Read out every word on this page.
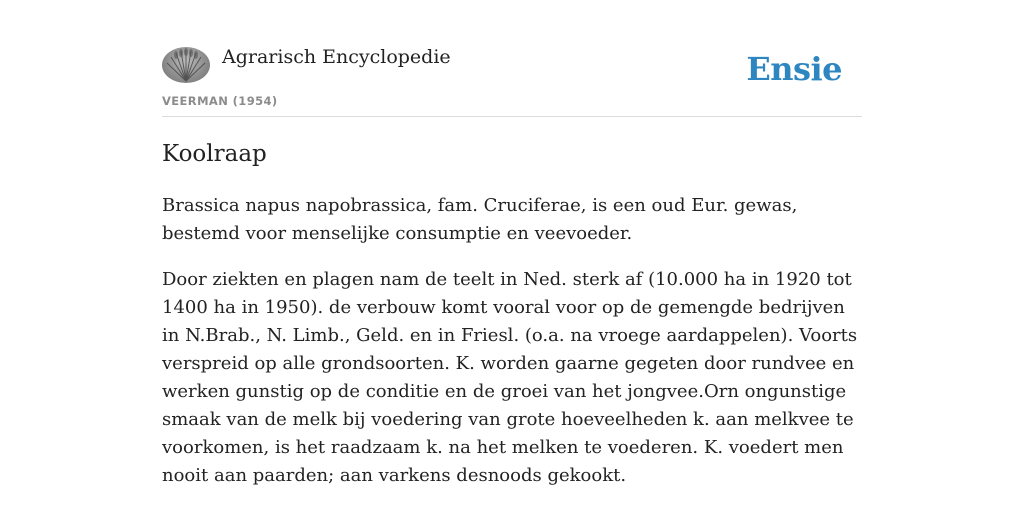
Agrarisch Encyclopedie
VEERMAN (1954)
Ensie
Koolraap

Brassica napus napobrassica, fam. Cruciferae, is een oud Eur. gewas, bestemd voor menselijke consumptie en veevoeder.

Door ziekten en plagen nam de teelt in Ned. sterk af (10.000 ha in 1920 tot 1400 ha in 1950). de verbouw komt vooral voor op de gemengde bedrijven in N.Brab., N. Limb., Geld. en in Friesl. (o.a. na vroege aardappelen). Voorts verspreid op alle grondsoorten. K. worden gaarne gegeten door rundvee en werken gunstig op de conditie en de groei van het jongvee.Orn ongunstige smaak van de melk bij voedering van grote hoeveelheden k. aan melkvee te voorkomen, is het raadzaam k. na het melken te voederen. K. voedert men nooit aan paarden; aan varkens desnoods gekookt.
